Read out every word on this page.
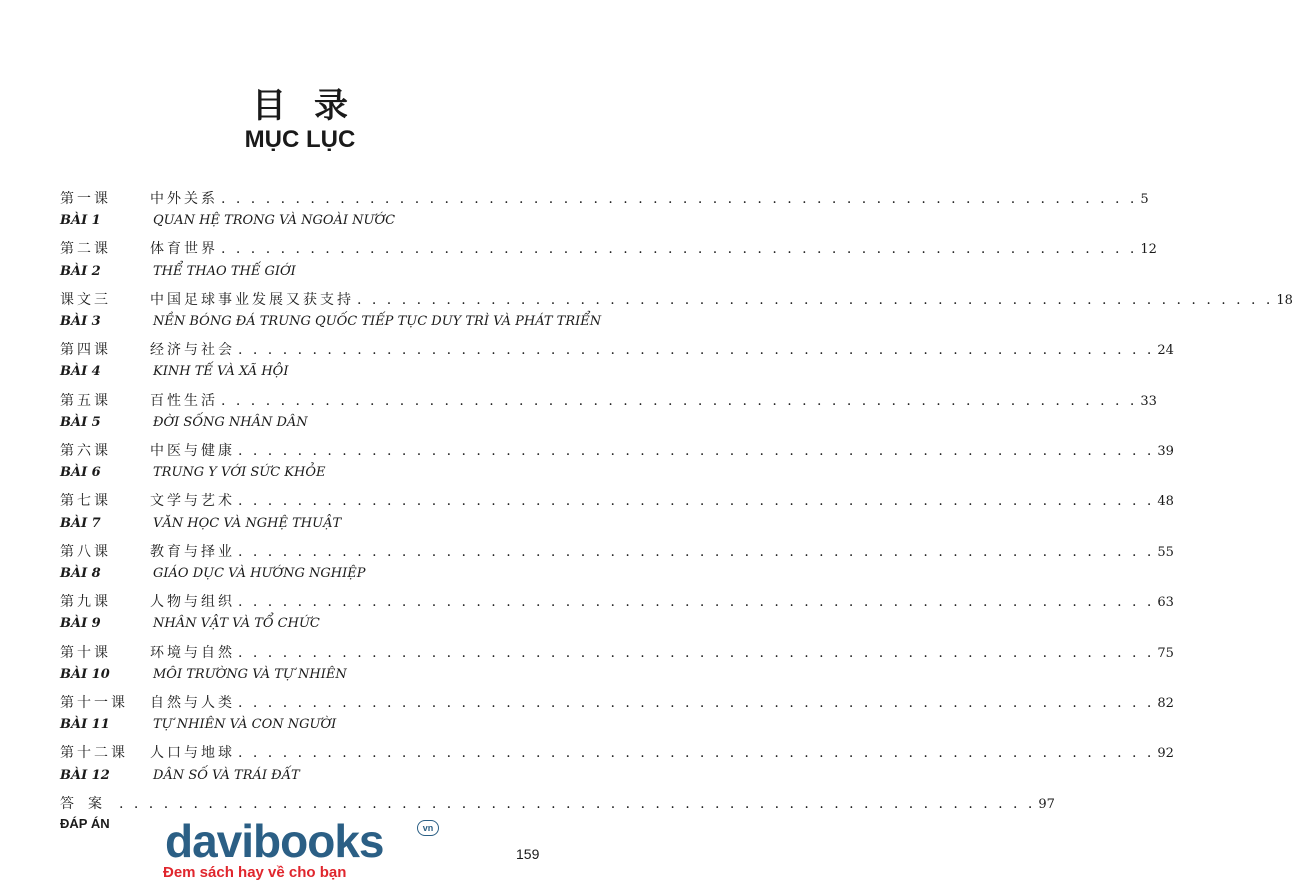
目录
MỤC LỤC
第一课	中外关系 . . . . . . . . . . . . . . . . . . . . . . . . . . . . . . . . . . . . . . . . . . . . . . . . . . . . . . . . . . . . . . 5
BÀI 1	QUAN HỆ TRONG VÀ NGOÀI NƯỚC
第二课	体育世界 . . . . . . . . . . . . . . . . . . . . . . . . . . . . . . . . . . . . . . . . . . . . . . . . . . . . . . . . . . . . . . 12
BÀI 2	THỂ THAO THẾ GIỚI
课文三	中国足球事业发展又获支持 . . . . . . . . . . . . . . . . . . . . . . . . . . . . . . . . . . . . . . . . . . . . . . . . . . . . . . . . . . . . . . 18
BÀI 3	NỀN BÓNG ĐÁ TRUNG QUỐC TIẾP TỤC DUY TRÌ VÀ PHÁT TRIỂN
第四课	经济与社会 . . . . . . . . . . . . . . . . . . . . . . . . . . . . . . . . . . . . . . . . . . . . . . . . . . . . . . . . . . . . . . 24
BÀI 4	KINH TẾ VÀ XÃ HỘI
第五课	百性生活 . . . . . . . . . . . . . . . . . . . . . . . . . . . . . . . . . . . . . . . . . . . . . . . . . . . . . . . . . . . . . . 33
BÀI 5	ĐỜI SỐNG NHÂN DÂN
第六课	中医与健康 . . . . . . . . . . . . . . . . . . . . . . . . . . . . . . . . . . . . . . . . . . . . . . . . . . . . . . . . . . . . . . 39
BÀI 6	TRUNG Y VỚI SỨC KHỎE
第七课	文学与艺术 . . . . . . . . . . . . . . . . . . . . . . . . . . . . . . . . . . . . . . . . . . . . . . . . . . . . . . . . . . . . . . 48
BÀI 7	VĂN HỌC VÀ NGHỆ THUẬT
第八课	教育与择业 . . . . . . . . . . . . . . . . . . . . . . . . . . . . . . . . . . . . . . . . . . . . . . . . . . . . . . . . . . . . . . 55
BÀI 8	GIÁO DỤC VÀ HƯỚNG NGHIỆP
第九课	人物与组织 . . . . . . . . . . . . . . . . . . . . . . . . . . . . . . . . . . . . . . . . . . . . . . . . . . . . . . . . . . . . . . 63
BÀI 9	NHÂN VẬT VÀ TỔ CHỨC
第十课	环境与自然 . . . . . . . . . . . . . . . . . . . . . . . . . . . . . . . . . . . . . . . . . . . . . . . . . . . . . . . . . . . . . . 75
BÀI 10	MÔI TRƯỜNG VÀ TỰ NHIÊN
第十一课 自然与人类 . . . . . . . . . . . . . . . . . . . . . . . . . . . . . . . . . . . . . . . . . . . . . . . . . . . . . . . . . . . . . . 82
BÀI 11	TỰ NHIÊN VÀ CON NGƯỜI
第十二课 人口与地球 . . . . . . . . . . . . . . . . . . . . . . . . . . . . . . . . . . . . . . . . . . . . . . . . . . . . . . . . . . . . . . 92
BÀI 12	DÂN SỐ VÀ TRÁI ĐẤT
答案 . . . . . . . . . . . . . . . . . . . . . . . . . . . . . . . . . . . . . . . . . . . . . . . . . . . . . . . . . . . . . . 97
ĐÁP ÁN
159
davibooks	vn
Đem sách hay về cho bạn
